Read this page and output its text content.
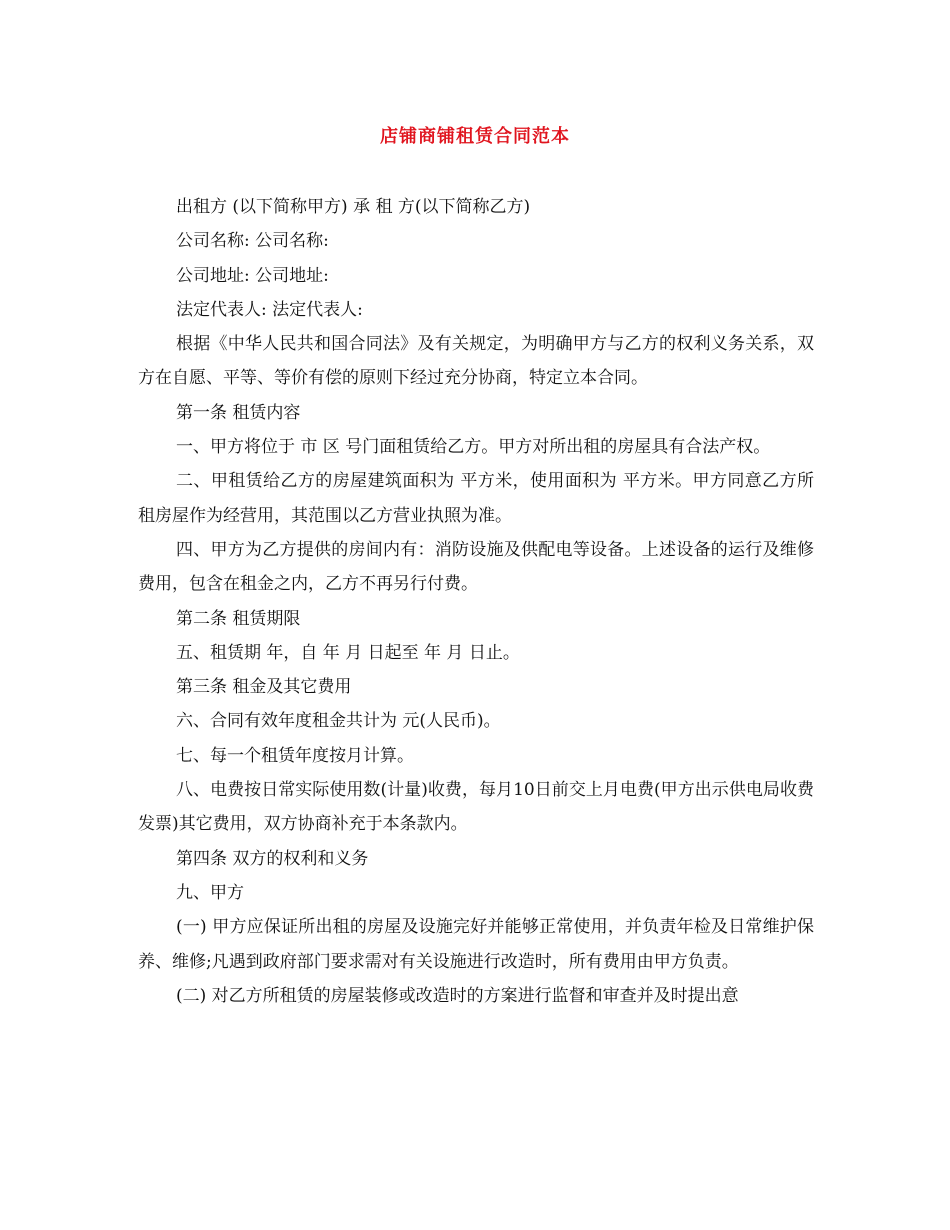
店铺商铺租赁合同范本

出租方 (以下简称甲方) 承 租 方(以下简称乙方)

公司名称: 公司名称:

公司地址: 公司地址:

法定代表人: 法定代表人:

根据《中华人民共和国合同法》及有关规定，为明确甲方与乙方的权利义务关系，双方在自愿、平等、等价有偿的原则下经过充分协商，特定立本合同。

第一条 租赁内容

一、甲方将位于 市 区 号门面租赁给乙方。甲方对所出租的房屋具有合法产权。

二、甲租赁给乙方的房屋建筑面积为 平方米，使用面积为 平方米。甲方同意乙方所租房屋作为经营用，其范围以乙方营业执照为准。

四、甲方为乙方提供的房间内有：消防设施及供配电等设备。上述设备的运行及维修费用，包含在租金之内，乙方不再另行付费。

第二条 租赁期限

五、租赁期 年，自 年 月 日起至 年 月 日止。

第三条 租金及其它费用

六、合同有效年度租金共计为 元(人民币)。

七、每一个租赁年度按月计算。

八、电费按日常实际使用数(计量)收费，每月10日前交上月电费(甲方出示供电局收费发票)其它费用，双方协商补充于本条款内。

第四条 双方的权利和义务

九、甲方

(一) 甲方应保证所出租的房屋及设施完好并能够正常使用，并负责年检及日常维护保养、维修;凡遇到政府部门要求需对有关设施进行改造时，所有费用由甲方负责。

(二) 对乙方所租赁的房屋装修或改造时的方案进行监督和审查并及时提出意
